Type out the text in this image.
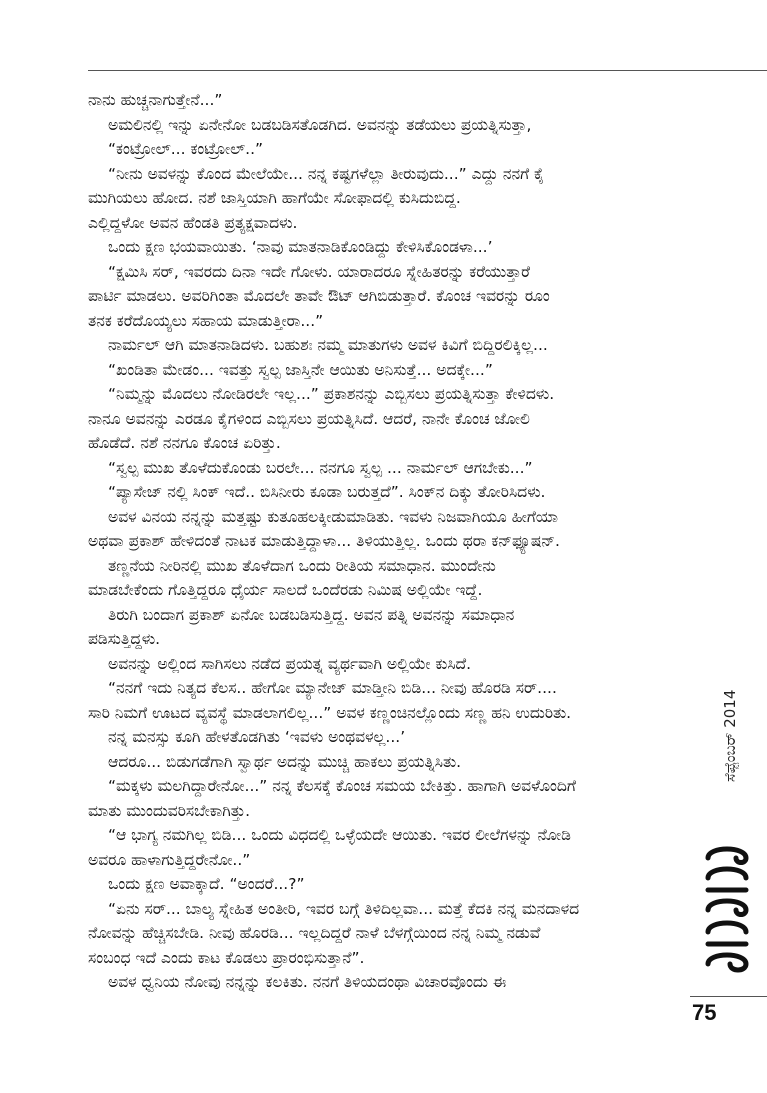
ನಾನು ಹುಚ್ಚನಾಗುತ್ತೇನೆ...”

ಅಮಲಿನಲ್ಲಿ ಇನ್ನು ಏನೇನೋ ಬಡಬಡಿಸತೊಡಗಿದ. ಅವನನ್ನು ತಡೆಯಲು ಪ್ರಯತ್ನಿಸುತ್ತಾ,

“ಕಂಟ್ರೋಲ್... ಕಂಟ್ರೋಲ್..”

“ನೀನು ಅವಳನ್ನು ಕೊಂದ ಮೇಲೆಯೇ... ನನ್ನ ಕಷ್ಟಗಳೆಲ್ಲಾ ತೀರುವುದು...” ಎದ್ದು ನನಗೆ ಕೈ

ಮುಗಿಯಲು ಹೋದ. ನಶೆ ಜಾಸ್ತಿಯಾಗಿ ಹಾಗೆಯೇ ಸೋಫಾದಲ್ಲಿ ಕುಸಿದುಬಿದ್ದ.

ಎಲ್ಲಿದ್ದಳೋ ಅವನ ಹೆಂಡತಿ ಪ್ರತ್ಯಕ್ಷವಾದಳು.

ಒಂದು ಕ್ಷಣ ಭಯವಾಯಿತು. ‘ನಾವು ಮಾತನಾಡಿಕೊಂಡಿದ್ದು ಕೇಳಿಸಿಕೊಂಡಳಾ...’

“ಕ್ಷಮಿಸಿ ಸರ್, ಇವರದು ದಿನಾ ಇದೇ ಗೋಳು. ಯಾರಾದರೂ ಸ್ನೇಹಿತರನ್ನು ಕರೆಯುತ್ತಾರೆ

ಪಾರ್ಟಿ ಮಾಡಲು. ಅವರಿಗಿಂತಾ ಮೊದಲೇ ತಾವೇ ಔಟ್ ಆಗಿಬಿಡುತ್ತಾರೆ. ಕೊಂಚ ಇವರನ್ನು ರೂಂ

ತನಕ ಕರೆದೊಯ್ಯಲು ಸಹಾಯ ಮಾಡುತ್ತೀರಾ...”

ನಾರ್ಮಲ್ ಆಗಿ ಮಾತನಾಡಿದಳು. ಬಹುಶಃ ನಮ್ಮ ಮಾತುಗಳು ಅವಳ ಕಿವಿಗೆ ಬಿದ್ದಿರಲಿಕ್ಕಿಲ್ಲ...

“ಖಂಡಿತಾ ಮೇಡಂ... ಇವತ್ತು ಸ್ವಲ್ಪ ಜಾಸ್ತಿನೇ ಆಯಿತು ಅನಿಸುತ್ತೆ... ಅದಕ್ಕೇ...”

“ನಿಮ್ಮನ್ನು ಮೊದಲು ನೋಡಿರಲೇ ಇಲ್ಲ...” ಪ್ರಕಾಶನನ್ನು ಎಬ್ಬಿಸಲು ಪ್ರಯತ್ನಿಸುತ್ತಾ ಕೇಳಿದಳು.

ನಾನೂ ಅವನನ್ನು ಎರಡೂ ಕೈಗಳಿಂದ ಎಬ್ಬಿಸಲು ಪ್ರಯತ್ನಿಸಿದೆ. ಆದರೆ, ನಾನೇ ಕೊಂಚ ಜೋಲಿ

ಹೊಡೆದೆ. ನಶೆ ನನಗೂ ಕೊಂಚ ಏರಿತ್ತು.

“ಸ್ವಲ್ಪ ಮುಖ ತೊಳೆದುಕೊಂಡು ಬರಲೇ... ನನಗೂ ಸ್ವಲ್ಪ ... ನಾರ್ಮಲ್ ಆಗಬೇಕು...”

“ಪ್ಯಾಸೇಜ್ ನಲ್ಲಿ ಸಿಂಕ್ ಇದೆ.. ಬಿಸಿನೀರು ಕೂಡಾ ಬರುತ್ತದೆ”. ಸಿಂಕ್‌ನ ದಿಕ್ಕು ತೋರಿಸಿದಳು.

ಅವಳ ವಿನಯ ನನ್ನನ್ನು ಮತ್ತಷ್ಟು ಕುತೂಹಲಕ್ಕೀಡುಮಾಡಿತು. ಇವಳು ನಿಜವಾಗಿಯೂ ಹೀಗೆಯಾ

ಅಥವಾ ಪ್ರಕಾಶ್ ಹೇಳಿದಂತೆ ನಾಟಕ ಮಾಡುತ್ತಿದ್ದಾಳಾ... ತಿಳಿಯುತ್ತಿಲ್ಲ. ಒಂದು ಥರಾ ಕನ್‌ಫ್ಯೂಷನ್.

ತಣ್ಣನೆಯ ನೀರಿನಲ್ಲಿ ಮುಖ ತೊಳೆದಾಗ ಒಂದು ರೀತಿಯ ಸಮಾಧಾನ. ಮುಂದೇನು

ಮಾಡಬೇಕೆಂದು ಗೊತ್ತಿದ್ದರೂ ಧೈರ್ಯ ಸಾಲದೆ ಒಂದೆರಡು ನಿಮಿಷ ಅಲ್ಲಿಯೇ ಇದ್ದೆ.

ತಿರುಗಿ ಬಂದಾಗ ಪ್ರಕಾಶ್ ಏನೋ ಬಡಬಡಿಸುತ್ತಿದ್ದ. ಅವನ ಪತ್ನಿ ಅವನನ್ನು ಸಮಾಧಾನ

ಪಡಿಸುತ್ತಿದ್ದಳು.

ಅವನನ್ನು ಅಲ್ಲಿಂದ ಸಾಗಿಸಲು ನಡೆದ ಪ್ರಯತ್ನ ವ್ಯರ್ಥವಾಗಿ ಅಲ್ಲಿಯೇ ಕುಸಿದೆ.

“ನನಗೆ ಇದು ನಿತ್ಯದ ಕೆಲಸ.. ಹೇಗೋ ಮ್ಯಾನೇಜ್ ಮಾಡ್ತೀನಿ ಬಿಡಿ... ನೀವು ಹೊರಡಿ ಸರ್....

ಸಾರಿ ನಿಮಗೆ ಊಟದ ವ್ಯವಸ್ಥೆ ಮಾಡಲಾಗಲಿಲ್ಲ...” ಅವಳ ಕಣ್ಣಂಚಿನಲ್ಲೊಂದು ಸಣ್ಣ ಹನಿ ಉದುರಿತು.

ನನ್ನ ಮನಸ್ಸು ಕೂಗಿ ಹೇಳತೊಡಗಿತು ‘ಇವಳು ಅಂಥವಳಲ್ಲ...’

ಆದರೂ... ಬಿಡುಗಡೆಗಾಗಿ ಸ್ವಾರ್ಥ ಅದನ್ನು ಮುಚ್ಚಿ ಹಾಕಲು ಪ್ರಯತ್ನಿಸಿತು.

“ಮಕ್ಕಳು ಮಲಗಿದ್ದಾರೇನೋ...” ನನ್ನ ಕೆಲಸಕ್ಕೆ ಕೊಂಚ ಸಮಯ ಬೇಕಿತ್ತು. ಹಾಗಾಗಿ ಅವಳೊಂದಿಗೆ

ಮಾತು ಮುಂದುವರಿಸಬೇಕಾಗಿತ್ತು.

“ಆ ಭಾಗ್ಯ ನಮಗಿಲ್ಲ ಬಿಡಿ... ಒಂದು ವಿಧದಲ್ಲಿ ಒಳ್ಳೆಯದೇ ಆಯಿತು. ಇವರ ಲೀಲೆಗಳನ್ನು ನೋಡಿ

ಅವರೂ ಹಾಳಾಗುತ್ತಿದ್ದರೇನೋ..”

ಒಂದು ಕ್ಷಣ ಅವಾಕ್ಕಾದೆ. “ಅಂದರೆ...?”

“ಏನು ಸರ್... ಬಾಲ್ಯ ಸ್ನೇಹಿತ ಅಂತೀರಿ, ಇವರ ಬಗ್ಗೆ ತಿಳಿದಿಲ್ಲವಾ... ಮತ್ತೆ ಕೆದಕಿ ನನ್ನ ಮನದಾಳದ

ನೋವನ್ನು ಹೆಚ್ಚಿಸಬೇಡಿ. ನೀವು ಹೊರಡಿ... ಇಲ್ಲದಿದ್ದರೆ ನಾಳೆ ಬೆಳಗ್ಗೆಯಿಂದ ನನ್ನ ನಿಮ್ಮ ನಡುವೆ

ಸಂಬಂಧ ಇದೆ ಎಂದು ಕಾಟ ಕೊಡಲು ಪ್ರಾರಂಭಿಸುತ್ತಾನೆ”.

ಅವಳ ಧ್ವನಿಯ ನೋವು ನನ್ನನ್ನು ಕಲಕಿತು. ನನಗೆ ತಿಳಿಯದಂಥಾ ವಿಚಾರವೊಂದು ಈ

ಸೆಪ್ಟೆಂಬರ್ 2014
ಮಯೂರ
75
